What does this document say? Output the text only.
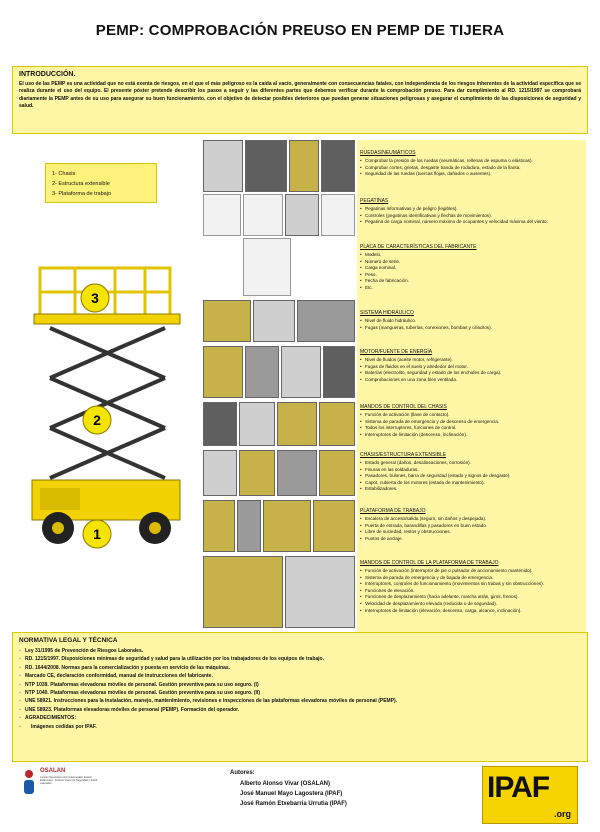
PEMP: COMPROBACIÓN PREUSO EN PEMP DE TIJERA
INTRODUCCIÓN.

El uso de las PEMP es una actividad que no está exenta de riesgos, en el que el más peligroso es la caída al vacío, generalmente con consecuencias fatales, con independencia de los riesgos inherentes de la actividad específica que se realiza durante el uso del equipo. El presente póster pretende describir los pasos a seguir y las diferentes partes que debemos verificar durante la comprobación preuso. Para dar cumplimiento al RD. 1215/1997 se comprobará diariamente la PEMP antes de su uso para asegurar su buen funcionamiento, con el objetivo de detectar posibles deterioros que puedan generar situaciones peligrosas y asegurar el cumplimiento de las disposiciones de seguridad y salud.

1- Chasis
2- Estructura extensible
3- Plataforma de trabajo
3
2
1
RUEDAS/NEUMÁTICOS
• Comprobar la presión de los ruedas (neumáticas, rellenas de espuma o elásticas).
• Comprobar cortes, grietas, desgaste banda de rodadura, estado de la llanta.
• Seguridad de las ruedas (tuercas flojas, dañados o ausentes).
PEGATINAS
• Pegatinas informativas y de peligro (legibles).
• Controles (pegatinas identificativas y flechas de movimientos).
• Pegatina de carga nominal, número máximo de ocupantes y velocidad máxima del viento.
PLACA DE CARACTERÍSTICAS DEL FABRICANTE
• Modelo.
• Número de serie.
• Carga nominal.
• Peso.
• Fecha de fabricación.
• Etc.
SISTEMA HIDRÁULICO
• Nivel de fluido hidráulico.
• Fugas (mangueras, tuberías, conexiones, bombas y cilindros).
MOTOR/FUENTE DE ENERGÍA
• Nivel de fluidos (aceite motor, refrigerante).
• Fugas de fluidos en el suelo y alrededor del motor.
• Baterías (electrolito, seguridad y estado de los enchufes de carga).
• Comprobaciones en una zona bien ventilada.
MANDOS DE CONTROL DEL CHASIS
• Función de activación (llave de contacto).
• Sistema de parada de emergencia y de descenso de emergencia.
• Todos los interruptores, funciones de control.
• Interruptores de limitación (descenso, inclinación).
CHASIS/ESTRUCTURA EXTENSIBLE
• Estado general (daños, desalineaciones, corrosión).
• Fisuras en las soldaduras.
• Pasadores, bulones, barra de seguridad (estado y signos de desgaste).
• Capot, cubierta de los motores (estado de mantenimiento).
• Estabilizadores.
PLATAFORMA DE TRABAJO
• Escalera de acceso/salida (seguro, sin daños y despejada).
• Puerta de entrada, barandillas y pasadores en buen estado.
• Libre de suciedad, restos y obstrucciones.
• Puntos de anclaje.
MANDOS DE CONTROL DE LA PLATAFORMA DE TRABAJO
• Función de activación (interruptor de pie o pulsador de accionamiento mantenido).
• Sistema de parada de emergencia y de bajada de emergencia.
• Interruptores, controles de funcionamiento (movimientos sin trabas y sin obstrucciones).
• Funciones de elevación.
• Funciones de desplazamiento (hacia adelante, marcha atrás, giros, frenos).
• Velocidad de desplazamiento elevada (reducida o de seguridad).
• Interruptores de limitación (elevación, descenso, carga, alcance, inclinación).
NORMATIVA LEGAL Y TÉCNICA
▫ Ley 31/1995 de Prevención de Riesgos Laborales.
▫ RD. 1215/1997. Disposiciones mínimas de seguridad y salud para la utilización por los trabajadores de los equipos de trabajo.
▫ RD. 1644/2008. Normas para la comercialización y puesta en servicio de las máquinas.
▫ Marcado CE, declaración conformidad, manual de instrucciones del fabricante.
▫ NTP 1039. Plataformas elevadoras móviles de personal. Gestión preventiva para su uso seguro. (I)
▫ NTP 1040. Plataformas elevadoras móviles de personal. Gestión preventiva para su uso seguro. (II)
▫ UNE 58921. Instrucciones para la instalación, manejo, mantenimiento, revisiones e inspecciones de las plataformas elevadoras móviles de personal (PEMP).
▫ UNE 58923. Plataformas elevadoras móviles de personal (PEMP). Formación del operador.
▫ AGRADECIMIENTOS:
▫ Imágenes cedidas por IPAF.
OSALAN
Laneko Segurtasun eta Osasunerako Euskal Erakundea · Instituto Vasco de Seguridad y Salud Laborales
Autores:
Alberto Alonso Vivar (OSALAN)
José Manuel Mayo Lagostera (IPAF)
José Ramón Etxebarria Urrutia (IPAF)	IPAF
.org
